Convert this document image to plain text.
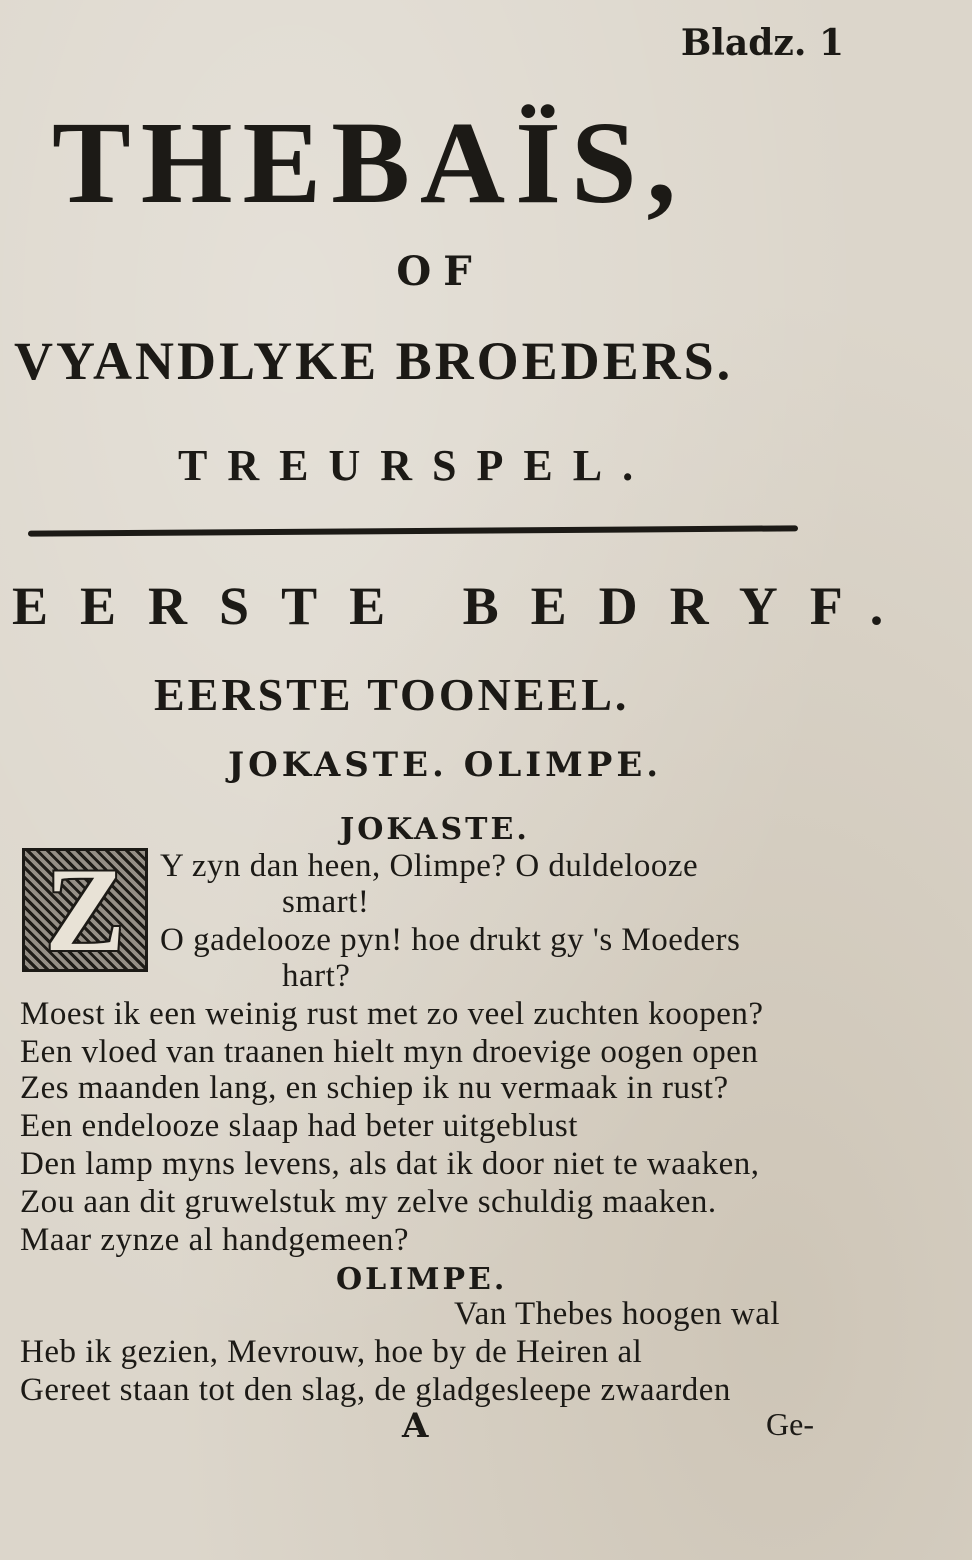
Bladz. 1
THEBAÏS,
OF
VYANDLYKE BROEDERS.
TREURSPEL.
EERSTE BEDRYF.
EERSTE TOONEEL.
JOKASTE. OLIMPE.
JOKASTE.
Z	Y zyn dan heen, Olimpe? O duldelooze
smart!
O gadelooze pyn! hoe drukt gy 's Moeders
hart?
Moest ik een weinig rust met zo veel zuchten koopen?
Een vloed van traanen hielt myn droevige oogen open
Zes maanden lang, en schiep ik nu vermaak in rust?
Een endelooze slaap had beter uitgeblust
Den lamp myns levens, als dat ik door niet te waaken,
Zou aan dit gruwelstuk my zelve schuldig maaken.
Maar zynze al handgemeen?
OLIMPE.
Van Thebes hoogen wal
Heb ik gezien, Mevrouw, hoe by de Heiren al
Gereet staan tot den slag, de gladgesleepe zwaarden
A	Ge-
